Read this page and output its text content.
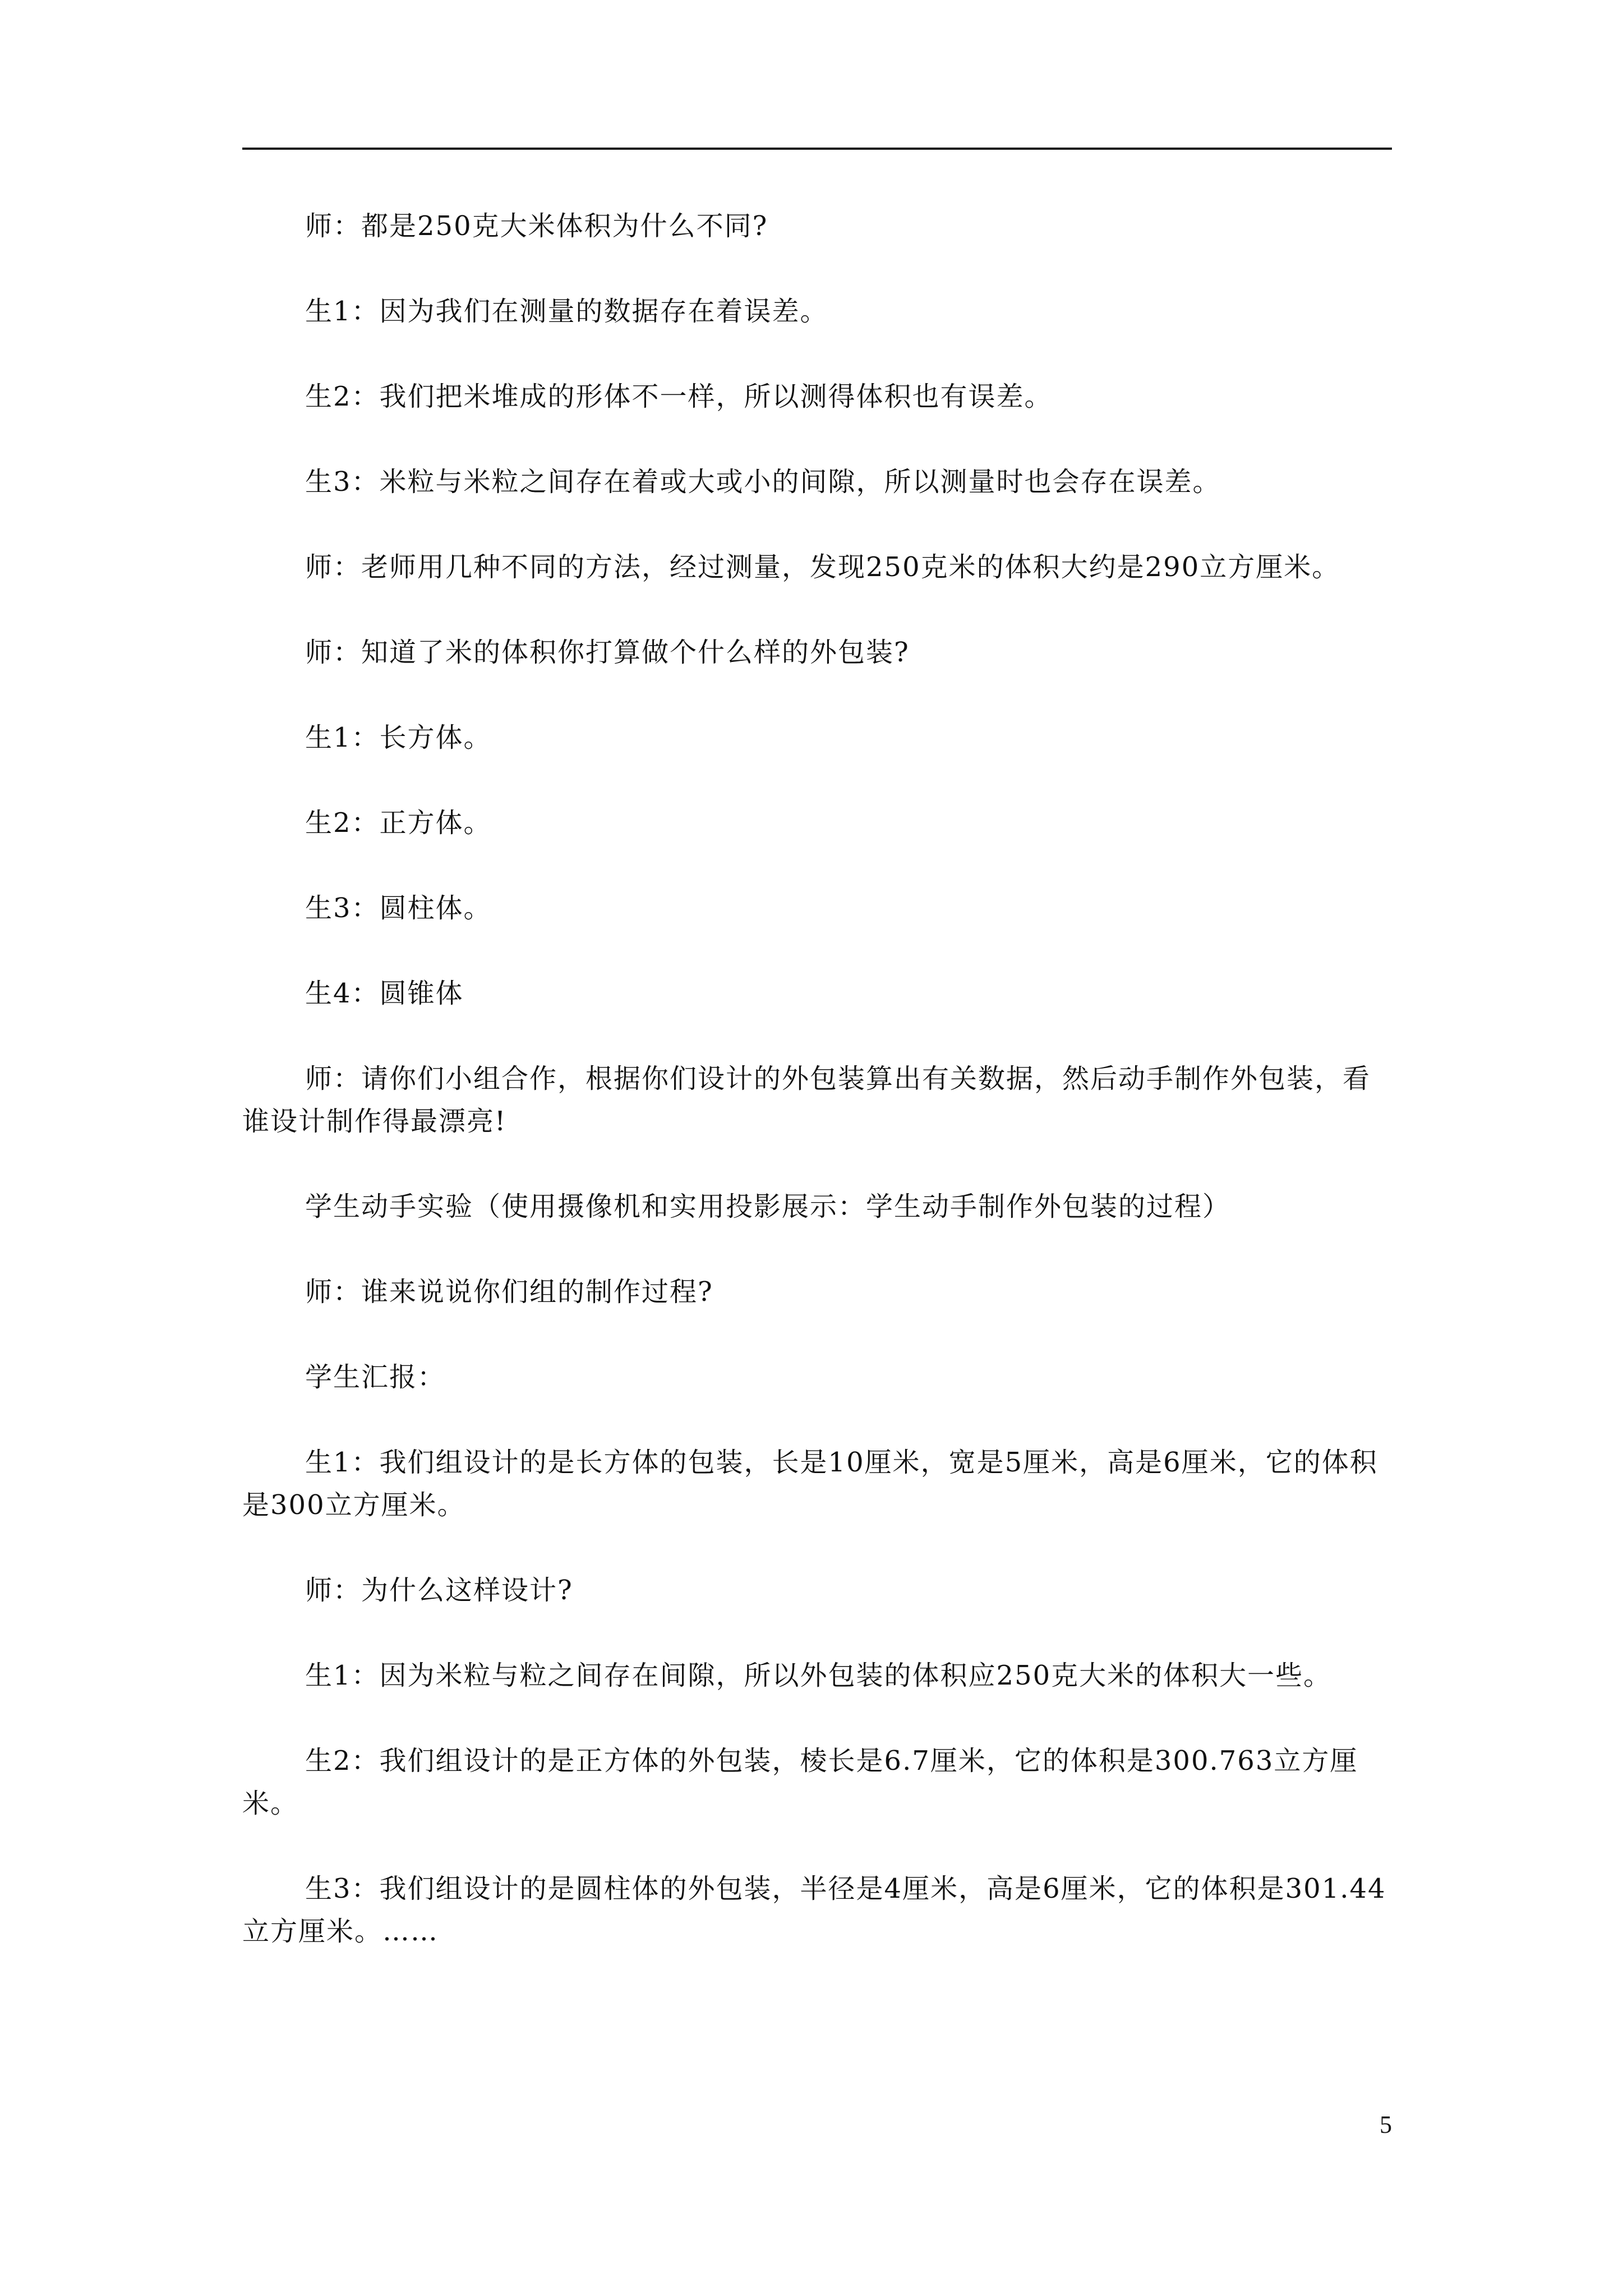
师：都是250克大米体积为什么不同?

生1：因为我们在测量的数据存在着误差。

生2：我们把米堆成的形体不一样，所以测得体积也有误差。

生3：米粒与米粒之间存在着或大或小的间隙，所以测量时也会存在误差。

师：老师用几种不同的方法，经过测量，发现250克米的体积大约是290立方厘米。

师：知道了米的体积你打算做个什么样的外包装?

生1：长方体。

生2：正方体。

生3：圆柱体。

生4：圆锥体

师：请你们小组合作，根据你们设计的外包装算出有关数据，然后动手制作外包装，看谁设计制作得最漂亮!

学生动手实验（使用摄像机和实用投影展示：学生动手制作外包装的过程）

师：谁来说说你们组的制作过程?

学生汇报：

生1：我们组设计的是长方体的包装，长是10厘米，宽是5厘米，高是6厘米，它的体积是300立方厘米。

师：为什么这样设计?

生1：因为米粒与粒之间存在间隙，所以外包装的体积应250克大米的体积大一些。

生2：我们组设计的是正方体的外包装，棱长是6.7厘米，它的体积是300.763立方厘米。

生3：我们组设计的是圆柱体的外包装，半径是4厘米，高是6厘米，它的体积是301.44立方厘米。……

5
